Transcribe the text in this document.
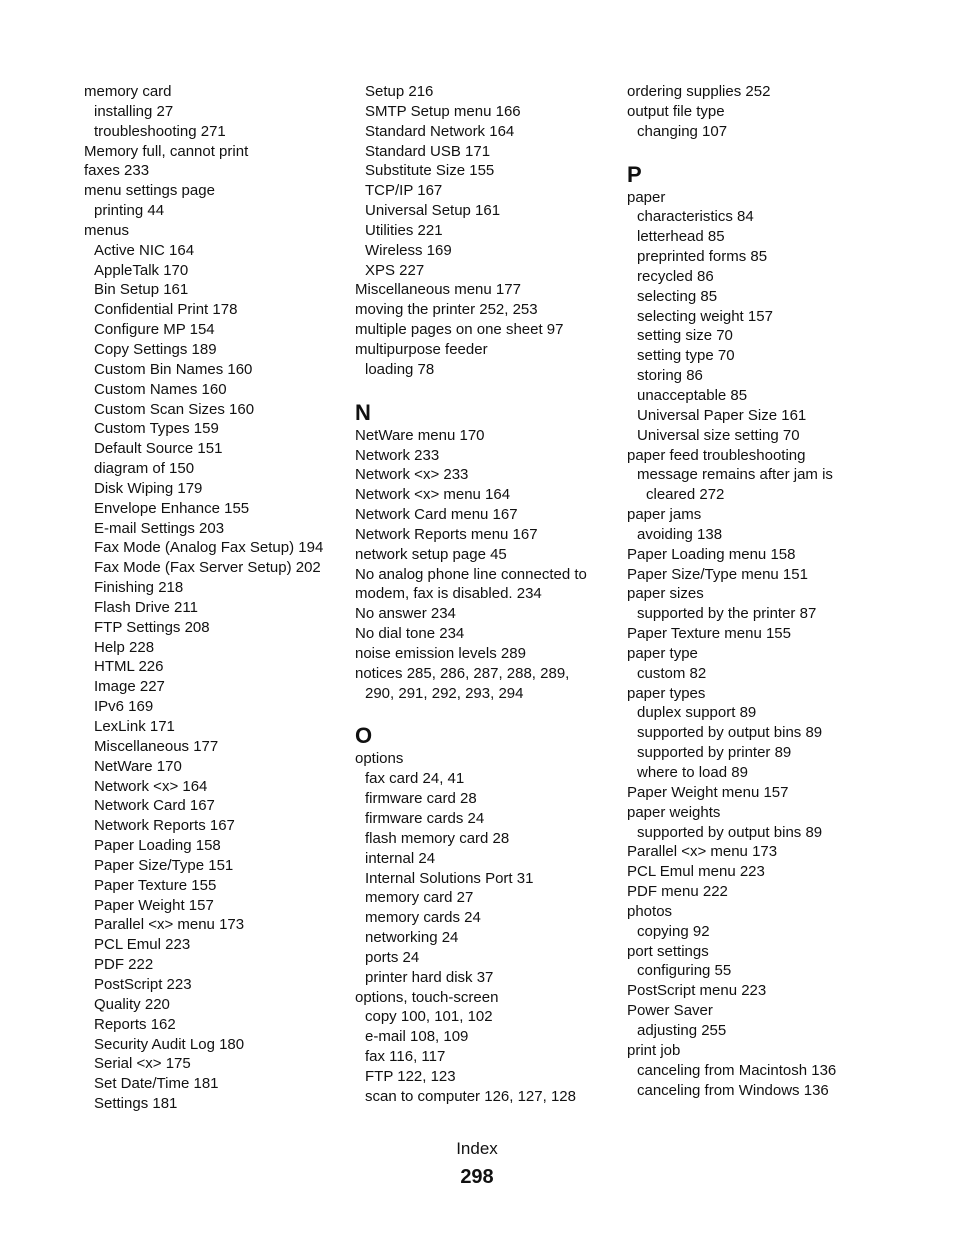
memory card
installing 27
troubleshooting 271
Memory full, cannot print
faxes 233
menu settings page
printing 44
menus
Active NIC 164
AppleTalk 170
Bin Setup 161
Confidential Print 178
Configure MP 154
Copy Settings 189
Custom Bin Names 160
Custom Names 160
Custom Scan Sizes 160
Custom Types 159
Default Source 151
diagram of 150
Disk Wiping 179
Envelope Enhance 155
E-mail Settings 203
Fax Mode (Analog Fax Setup) 194
Fax Mode (Fax Server Setup) 202
Finishing 218
Flash Drive 211
FTP Settings 208
Help 228
HTML 226
Image 227
IPv6 169
LexLink 171
Miscellaneous 177
NetWare 170
Network <x> 164
Network Card 167
Network Reports 167
Paper Loading 158
Paper Size/Type 151
Paper Texture 155
Paper Weight 157
Parallel <x> menu 173
PCL Emul 223
PDF 222
PostScript 223
Quality 220
Reports 162
Security Audit Log 180
Serial <x> 175
Set Date/Time 181
Settings 181
Setup 216
SMTP Setup menu 166
Standard Network 164
Standard USB 171
Substitute Size 155
TCP/IP 167
Universal Setup 161
Utilities 221
Wireless 169
XPS 227
Miscellaneous menu 177
moving the printer 252, 253
multiple pages on one sheet 97
multipurpose feeder
loading 78
N
NetWare menu 170
Network 233
Network <x> 233
Network <x> menu 164
Network Card menu 167
Network Reports menu 167
network setup page 45
No analog phone line connected to
modem, fax is disabled. 234
No answer 234
No dial tone 234
noise emission levels 289
notices 285, 286, 287, 288, 289,
290, 291, 292, 293, 294
O
options
fax card 24, 41
firmware card 28
firmware cards 24
flash memory card 28
internal 24
Internal Solutions Port 31
memory card 27
memory cards 24
networking 24
ports 24
printer hard disk 37
options, touch-screen
copy 100, 101, 102
e-mail 108, 109
fax 116, 117
FTP 122, 123
scan to computer 126, 127, 128
ordering supplies 252
output file type
changing 107
P
paper
characteristics 84
letterhead 85
preprinted forms 85
recycled 86
selecting 85
selecting weight 157
setting size 70
setting type 70
storing 86
unacceptable 85
Universal Paper Size 161
Universal size setting 70
paper feed troubleshooting
message remains after jam is
cleared 272
paper jams
avoiding 138
Paper Loading menu 158
Paper Size/Type menu 151
paper sizes
supported by the printer 87
Paper Texture menu 155
paper type
custom 82
paper types
duplex support 89
supported by output bins 89
supported by printer 89
where to load 89
Paper Weight menu 157
paper weights
supported by output bins 89
Parallel <x> menu 173
PCL Emul menu 223
PDF menu 222
photos
copying 92
port settings
configuring 55
PostScript menu 223
Power Saver
adjusting 255
print job
canceling from Macintosh 136
canceling from Windows 136
Index
298
